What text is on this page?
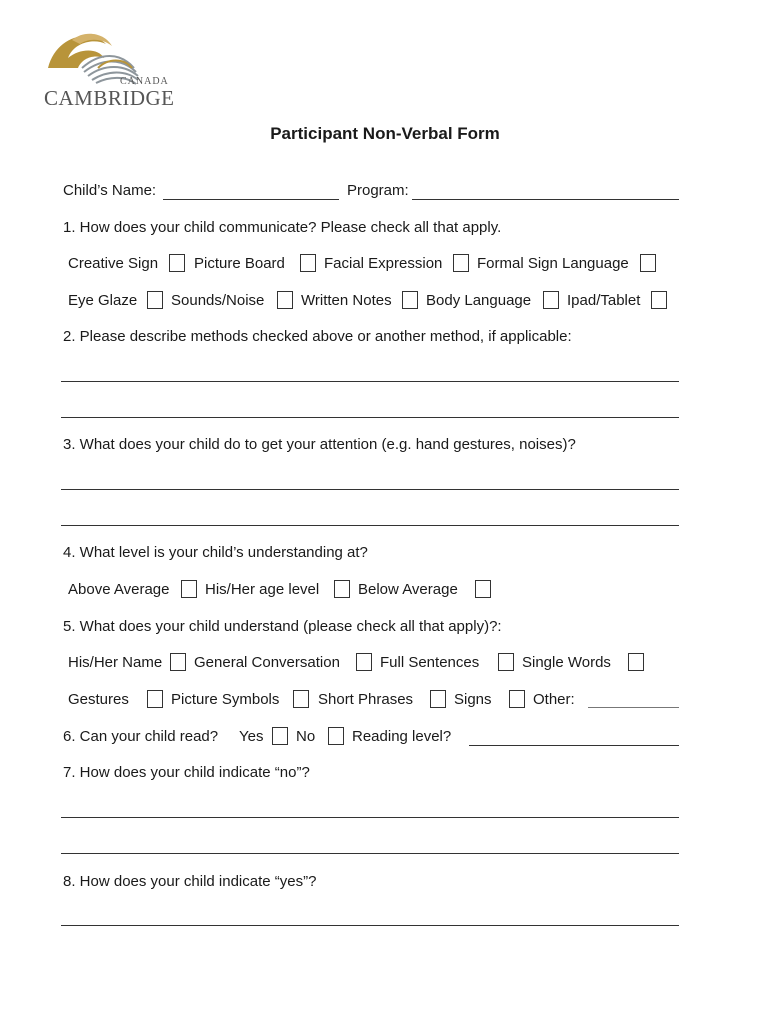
CANADA
CAMBRIDGE
Participant Non-Verbal Form
Child’s Name:	Program:
1. How does your child communicate? Please check all that apply.
Creative Sign Picture Board	Facial Expression Formal Sign Language
Eye Glaze Sounds/Noise Written Notes Body Language Ipad/Tablet
2. Please describe methods checked above or another method, if applicable:
3. What does your child do to get your attention (e.g. hand gestures, noises)?
4. What level is your child’s understanding at?
Above Average His/Her age level	Below Average
5. What does your child understand (please check all that apply)?:
His/Her Name General Conversation	Full Sentences	Single Words
Gestures	Picture Symbols	Short Phrases	Signs	Other:
6. Can your child read? Yes No Reading level?
7. How does your child indicate “no”?
8. How does your child indicate “yes”?
